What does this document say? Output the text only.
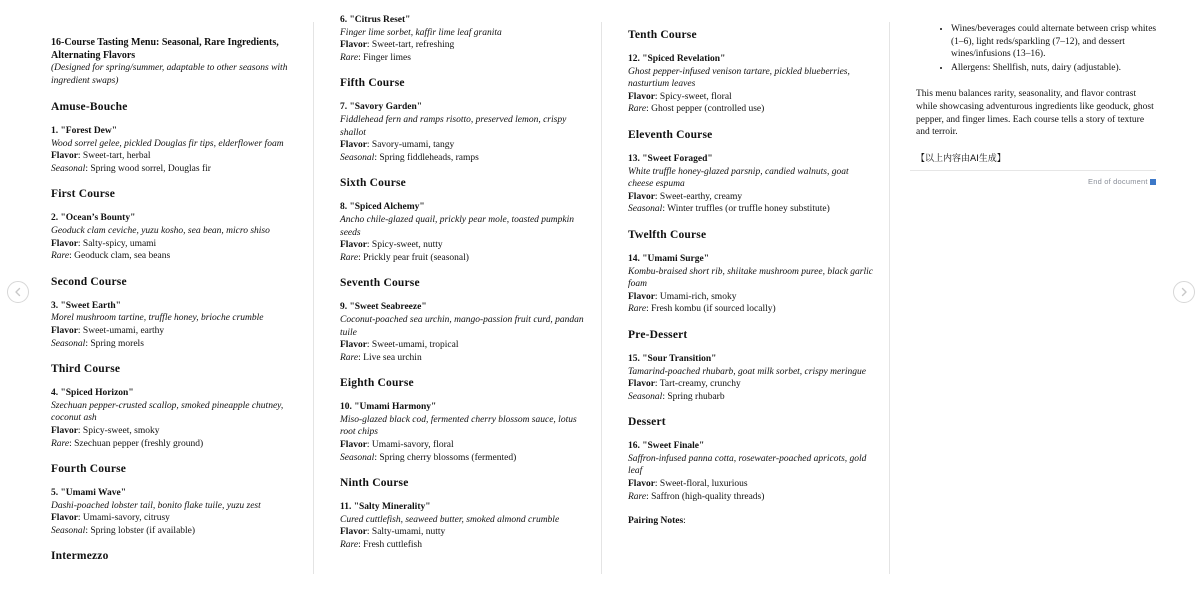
16-Course Tasting Menu: Seasonal, Rare Ingredients, Alternating Flavors
(Designed for spring/summer, adaptable to other seasons with ingredient swaps)
Amuse-Bouche
1. "Forest Dew"
Wood sorrel gelee, pickled Douglas fir tips, elderflower foam
Flavor: Sweet-tart, herbal
Seasonal: Spring wood sorrel, Douglas fir
First Course
2. "Ocean’s Bounty"
Geoduck clam ceviche, yuzu kosho, sea bean, micro shiso
Flavor: Salty-spicy, umami
Rare: Geoduck clam, sea beans
Second Course
3. "Sweet Earth"
Morel mushroom tartine, truffle honey, brioche crumble
Flavor: Sweet-umami, earthy
Seasonal: Spring morels
Third Course
4. "Spiced Horizon"
Szechuan pepper-crusted scallop, smoked pineapple chutney, coconut ash
Flavor: Spicy-sweet, smoky
Rare: Szechuan pepper (freshly ground)
Fourth Course
5. "Umami Wave"
Dashi-poached lobster tail, bonito flake tuile, yuzu zest
Flavor: Umami-savory, citrusy
Seasonal: Spring lobster (if available)
Intermezzo
6. "Citrus Reset"
Finger lime sorbet, kaffir lime leaf granita
Flavor: Sweet-tart, refreshing
Rare: Finger limes
Fifth Course
7. "Savory Garden"
Fiddlehead fern and ramps risotto, preserved lemon, crispy shallot
Flavor: Savory-umami, tangy
Seasonal: Spring fiddleheads, ramps
Sixth Course
8. "Spiced Alchemy"
Ancho chile-glazed quail, prickly pear mole, toasted pumpkin seeds
Flavor: Spicy-sweet, nutty
Rare: Prickly pear fruit (seasonal)
Seventh Course
9. "Sweet Seabreeze"
Coconut-poached sea urchin, mango-passion fruit curd, pandan tuile
Flavor: Sweet-umami, tropical
Rare: Live sea urchin
Eighth Course
10. "Umami Harmony"
Miso-glazed black cod, fermented cherry blossom sauce, lotus root chips
Flavor: Umami-savory, floral
Seasonal: Spring cherry blossoms (fermented)
Ninth Course
11. "Salty Minerality"
Cured cuttlefish, seaweed butter, smoked almond crumble
Flavor: Salty-umami, nutty
Rare: Fresh cuttlefish
Tenth Course
12. "Spiced Revelation"
Ghost pepper-infused venison tartare, pickled blueberries, nasturtium leaves
Flavor: Spicy-sweet, floral
Rare: Ghost pepper (controlled use)
Eleventh Course
13. "Sweet Foraged"
White truffle honey-glazed parsnip, candied walnuts, goat cheese espuma
Flavor: Sweet-earthy, creamy
Seasonal: Winter truffles (or truffle honey substitute)
Twelfth Course
14. "Umami Surge"
Kombu-braised short rib, shiitake mushroom puree, black garlic foam
Flavor: Umami-rich, smoky
Rare: Fresh kombu (if sourced locally)
Pre-Dessert
15. "Sour Transition"
Tamarind-poached rhubarb, goat milk sorbet, crispy meringue
Flavor: Tart-creamy, crunchy
Seasonal: Spring rhubarb
Dessert
16. "Sweet Finale"
Saffron-infused panna cotta, rosewater-poached apricots, gold leaf
Flavor: Sweet-floral, luxurious
Rare: Saffron (high-quality threads)
Pairing Notes:
• Wines/beverages could alternate between crisp whites (1–6), light reds/sparkling (7–12), and dessert wines/infusions (13–16).
• Allergens: Shellfish, nuts, dairy (adjustable).

This menu balances rarity, seasonality, and flavor contrast while showcasing adventurous ingredients like geoduck, ghost pepper, and finger limes. Each course tells a story of texture and terroir.

【以上内容由AI生成】

End of document
